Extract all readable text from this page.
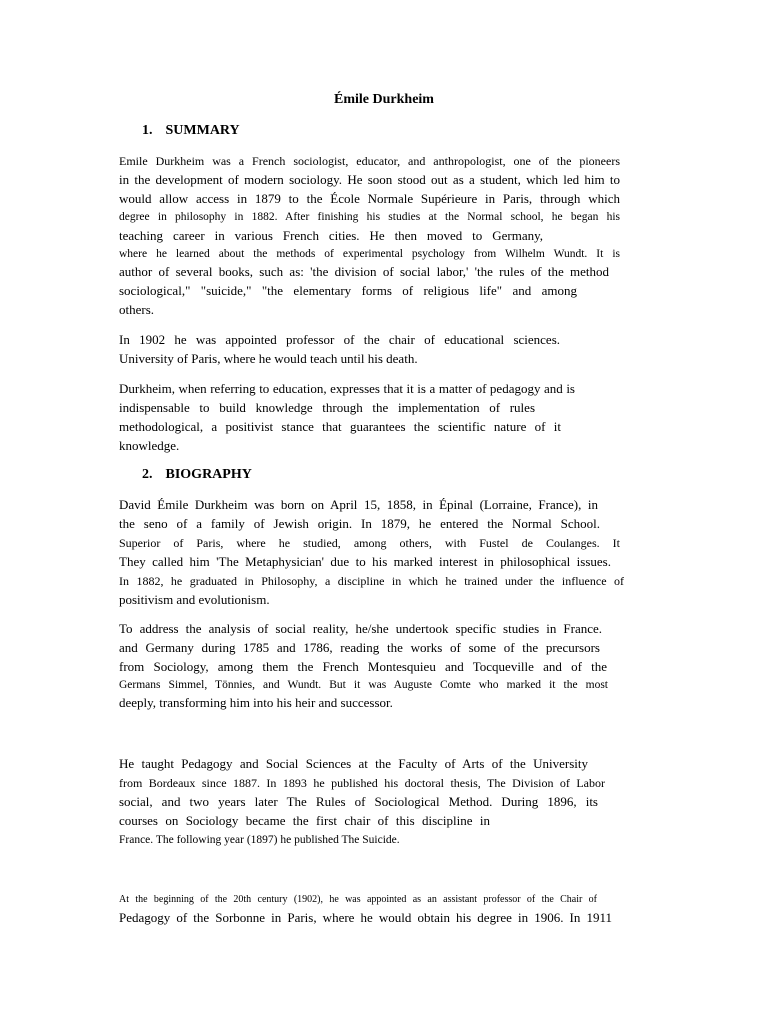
Émile Durkheim
1. SUMMARY
Emile Durkheim was a French sociologist, educator, and anthropologist, one of the pioneers
in the development of modern sociology. He soon stood out as a student, which led him to
would allow access in 1879 to the École Normale Supérieure in Paris, through which
degree in philosophy in 1882. After finishing his studies at the Normal school, he began his
teaching career in various French cities. He then moved to Germany,
where he learned about the methods of experimental psychology from Wilhelm Wundt. It is
author of several books, such as: 'the division of social labor,' 'the rules of the method
sociological," "suicide," "the elementary forms of religious life" and among
others.
In 1902 he was appointed professor of the chair of educational sciences.
University of Paris, where he would teach until his death.
Durkheim, when referring to education, expresses that it is a matter of pedagogy and is
indispensable to build knowledge through the implementation of rules
methodological, a positivist stance that guarantees the scientific nature of it
knowledge.
2. BIOGRAPHY
David Émile Durkheim was born on April 15, 1858, in Épinal (Lorraine, France), in
the seno of a family of Jewish origin. In 1879, he entered the Normal School.
Superior of Paris, where he studied, among others, with Fustel de Coulanges. It
They called him 'The Metaphysician' due to his marked interest in philosophical issues.
In 1882, he graduated in Philosophy, a discipline in which he trained under the influence of
positivism and evolutionism.
To address the analysis of social reality, he/she undertook specific studies in France.
and Germany during 1785 and 1786, reading the works of some of the precursors
from Sociology, among them the French Montesquieu and Tocqueville and of the
Germans Simmel, Tönnies, and Wundt. But it was Auguste Comte who marked it the most
deeply, transforming him into his heir and successor.
He taught Pedagogy and Social Sciences at the Faculty of Arts of the University
from Bordeaux since 1887. In 1893 he published his doctoral thesis, The Division of Labor
social, and two years later The Rules of Sociological Method. During 1896, its
courses on Sociology became the first chair of this discipline in
France. The following year (1897) he published The Suicide.
At the beginning of the 20th century (1902), he was appointed as an assistant professor of the Chair of
Pedagogy of the Sorbonne in Paris, where he would obtain his degree in 1906. In 1911
